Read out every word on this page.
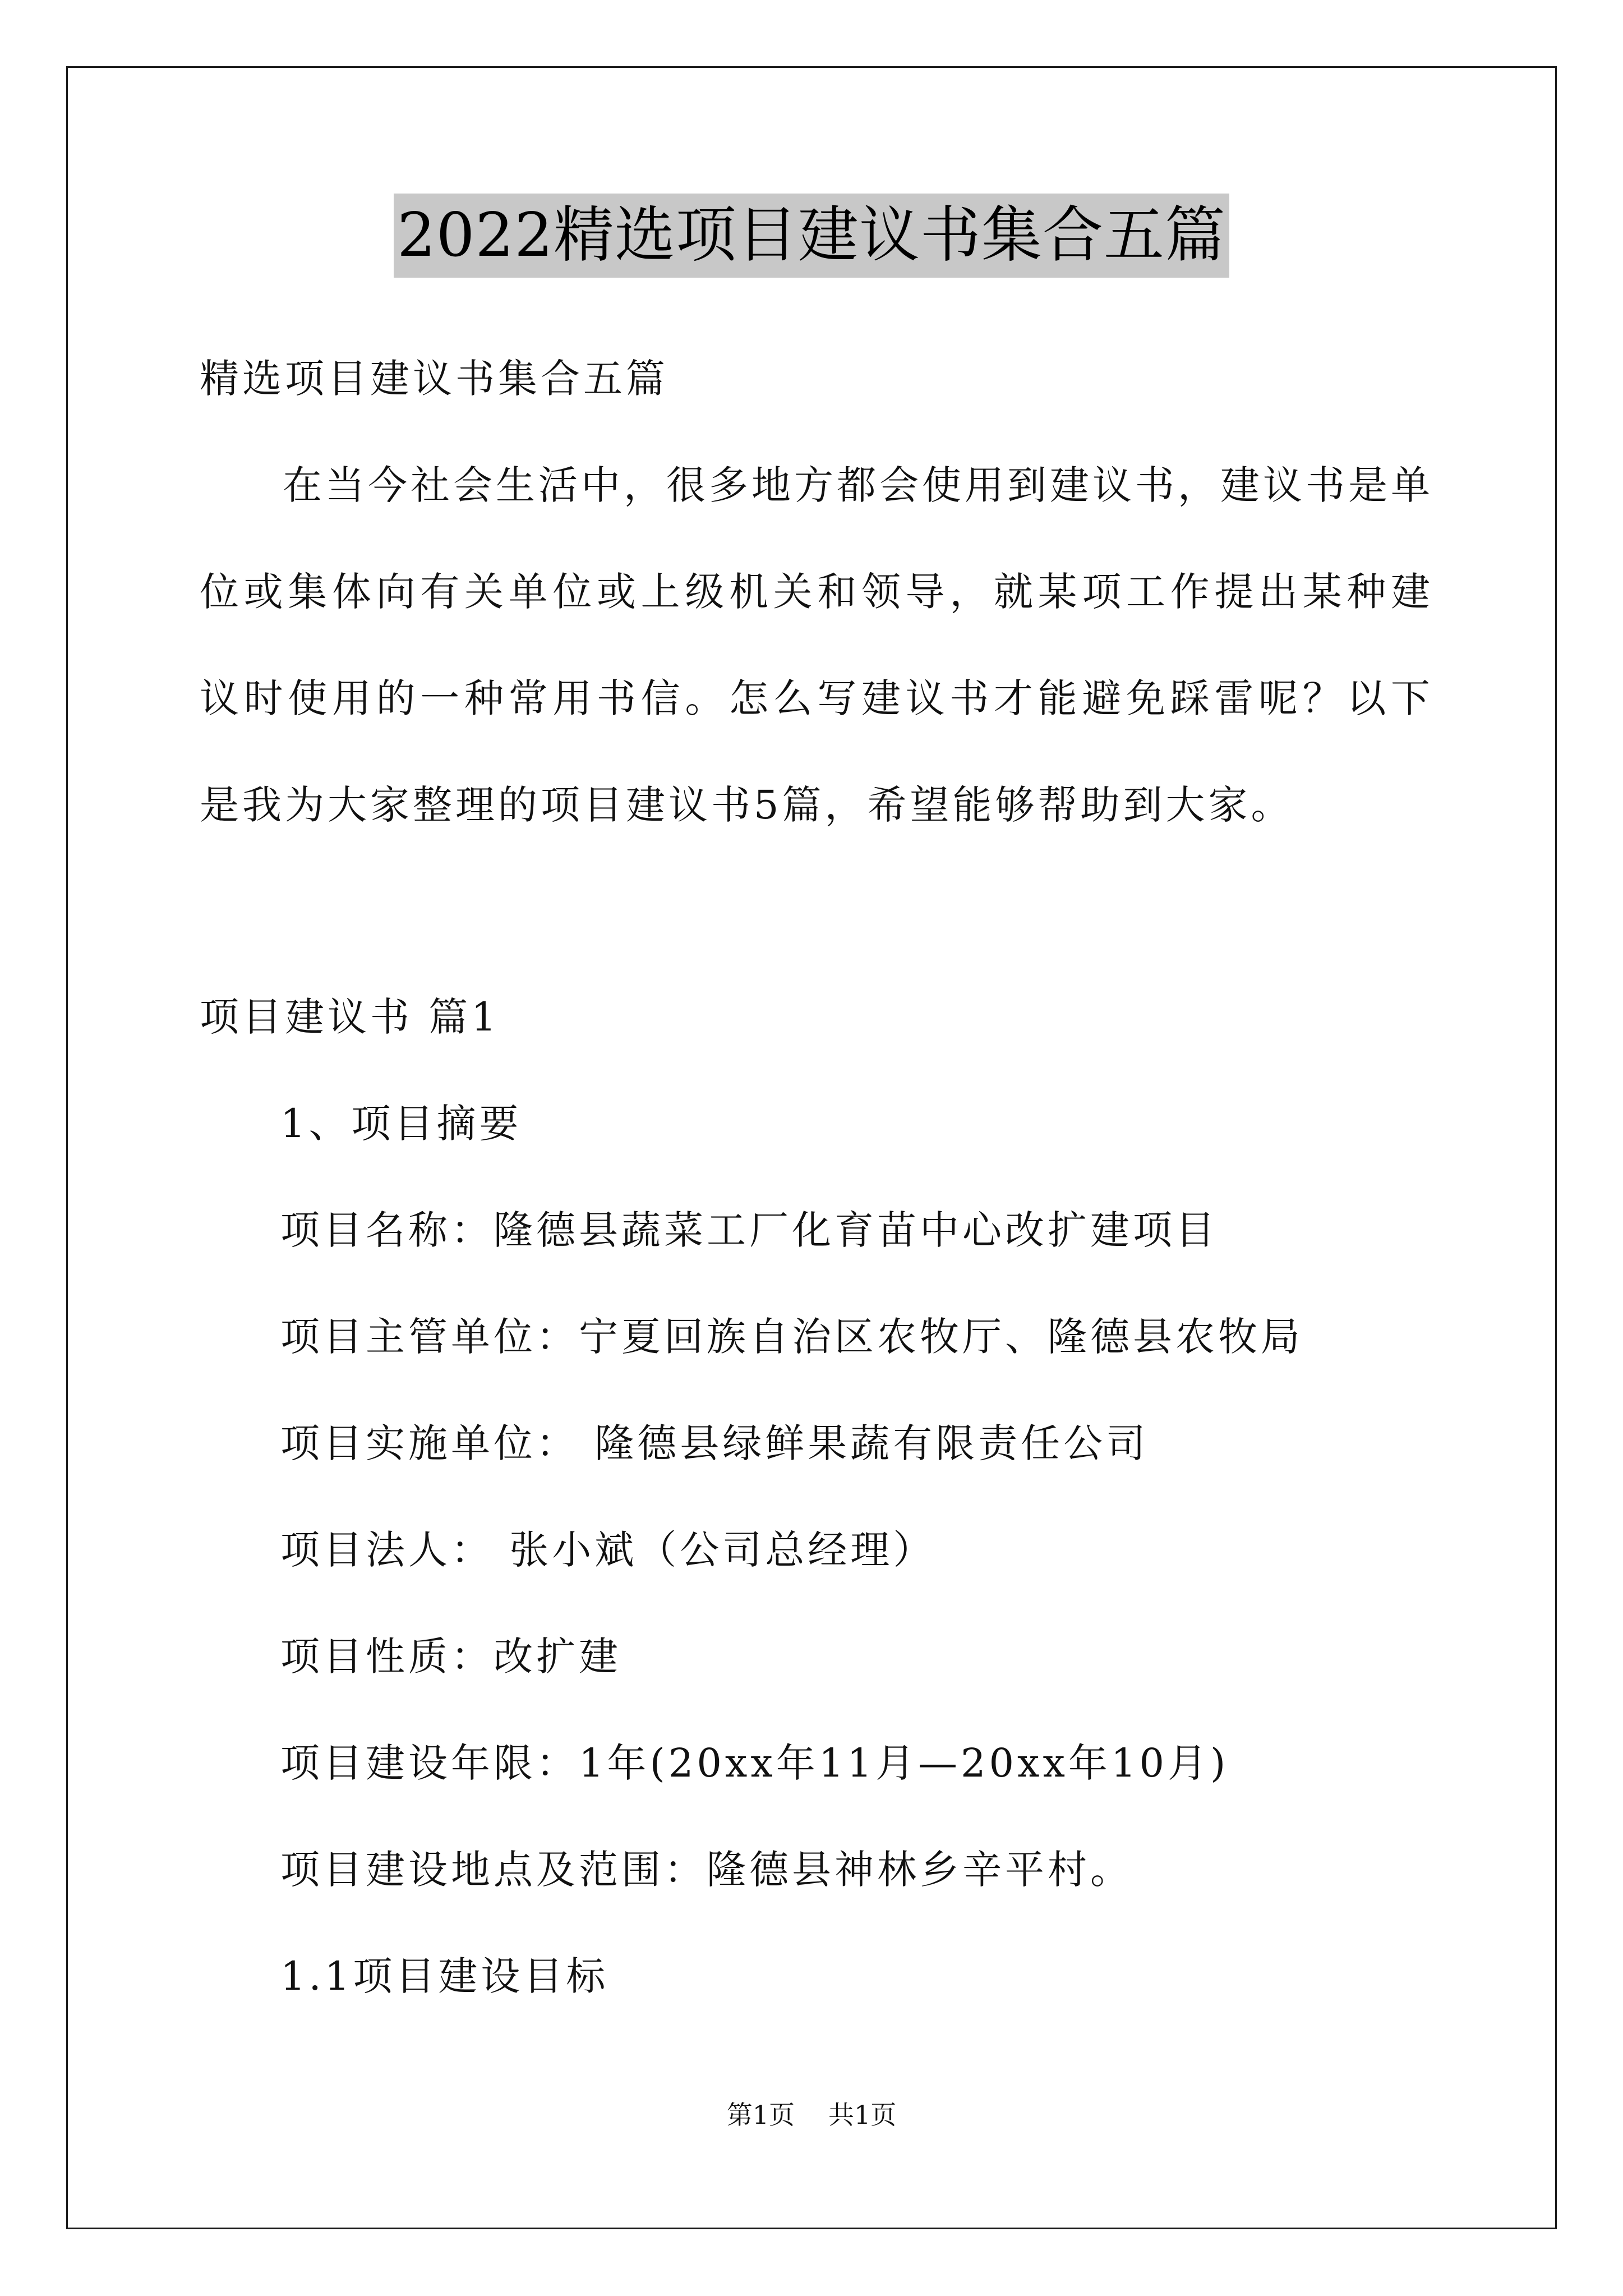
2022精选项目建议书集合五篇
精选项目建议书集合五篇

在当今社会生活中，很多地方都会使用到建议书，建议书是单位或集体向有关单位或上级机关和领导，就某项工作提出某种建议时使用的一种常用书信。怎么写建议书才能避免踩雷呢？以下是我为大家整理的项目建议书5篇，希望能够帮助到大家。

项目建议书 篇1
1、项目摘要
项目名称：隆德县蔬菜工厂化育苗中心改扩建项目
项目主管单位：宁夏回族自治区农牧厅、隆德县农牧局
项目实施单位： 隆德县绿鲜果蔬有限责任公司
项目法人： 张小斌（公司总经理）
项目性质：改扩建
项目建设年限：1年(20xx年11月—20xx年10月)
项目建设地点及范围：隆德县神林乡辛平村。
1.1项目建设目标
第1页 共1页
